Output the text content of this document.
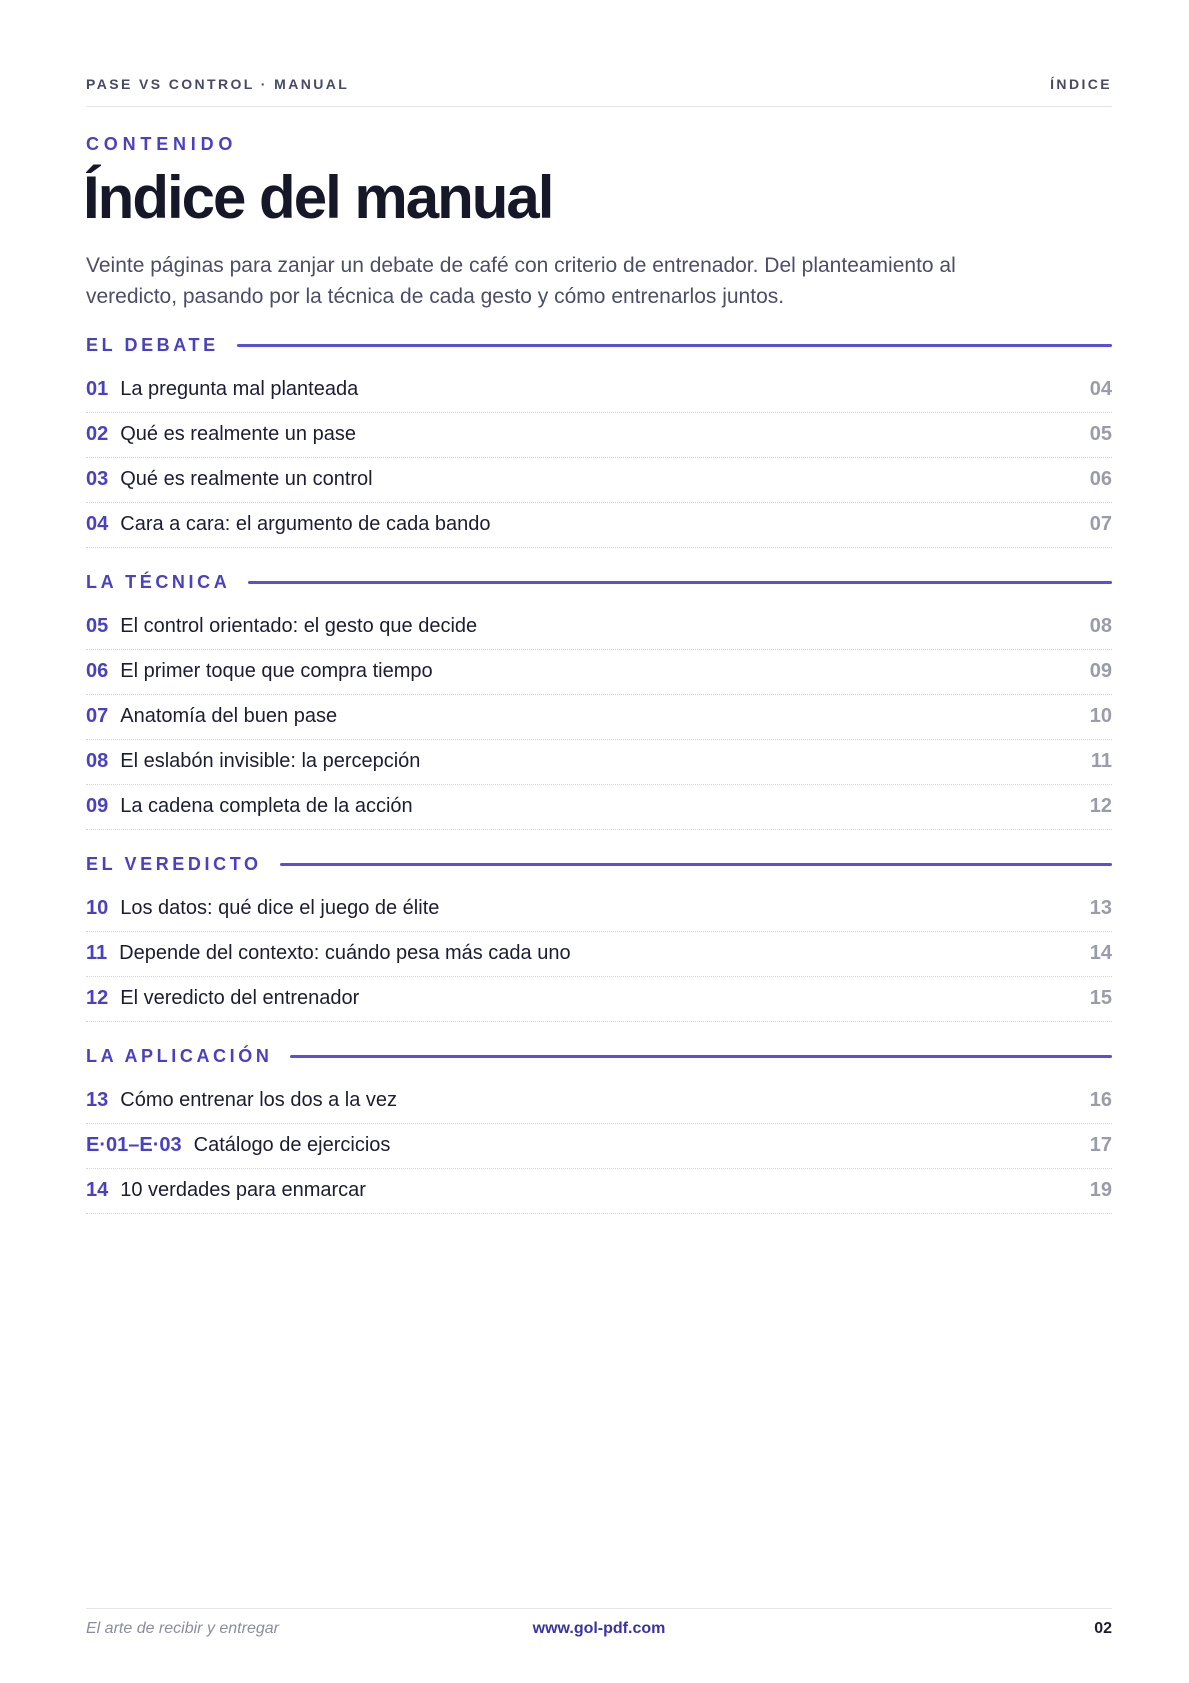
PASE VS CONTROL · MANUAL	ÍNDICE
CONTENIDO
Índice del manual

Veinte páginas para zanjar un debate de café con criterio de entrenador. Del planteamiento al veredicto, pasando por la técnica de cada gesto y cómo entrenarlos juntos.

EL DEBATE
01 La pregunta mal planteada	04
02 Qué es realmente un pase	05
03 Qué es realmente un control	06
04 Cara a cara: el argumento de cada bando	07
LA TÉCNICA
05 El control orientado: el gesto que decide	08
06 El primer toque que compra tiempo	09
07 Anatomía del buen pase	10
08 El eslabón invisible: la percepción	11
09 La cadena completa de la acción	12
EL VEREDICTO
10 Los datos: qué dice el juego de élite	13
11 Depende del contexto: cuándo pesa más cada uno	14
12 El veredicto del entrenador	15
LA APLICACIÓN
13 Cómo entrenar los dos a la vez	16
E·01–E·03 Catálogo de ejercicios	17
14 10 verdades para enmarcar	19
El arte de recibir y entregar	www.gol-pdf.com	02
